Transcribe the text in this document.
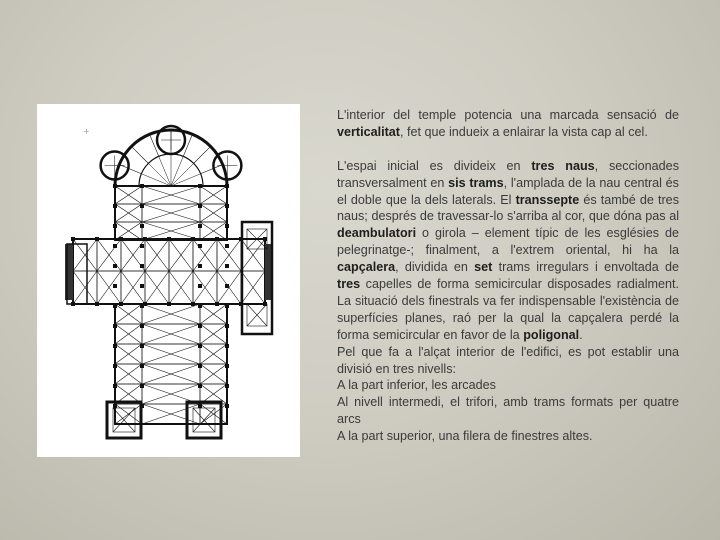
+

L'interior del temple potencia una marcada sensació de verticalitat, fet que indueix a enlairar la vista cap al cel.

L'espai inicial es divideix en tres naus, seccionades transversalment en sis trams, l'amplada de la nau central és el doble que la dels laterals. El transsepte és també de tres naus; després de travessar-lo s'arriba al cor, que dóna pas al deambulatori o girola – element típic de les esglésies de pelegrinatge-; finalment, a l'extrem oriental, hi ha la capçalera, dividida en set trams irregulars i envoltada de tres capelles de forma semicircular disposades radialment. La situació dels finestrals va fer indispensable l'existència de superfícies planes, raó per la qual la capçalera perdé la forma semicircular en favor de la poligonal.

Pel que fa a l'alçat interior de l'edifici, es pot establir una divisió en tres nivells:

A la part inferior, les arcades

Al nivell intermedi, el trifori, amb trams formats per quatre arcs

A la part superior, una filera de finestres altes.
